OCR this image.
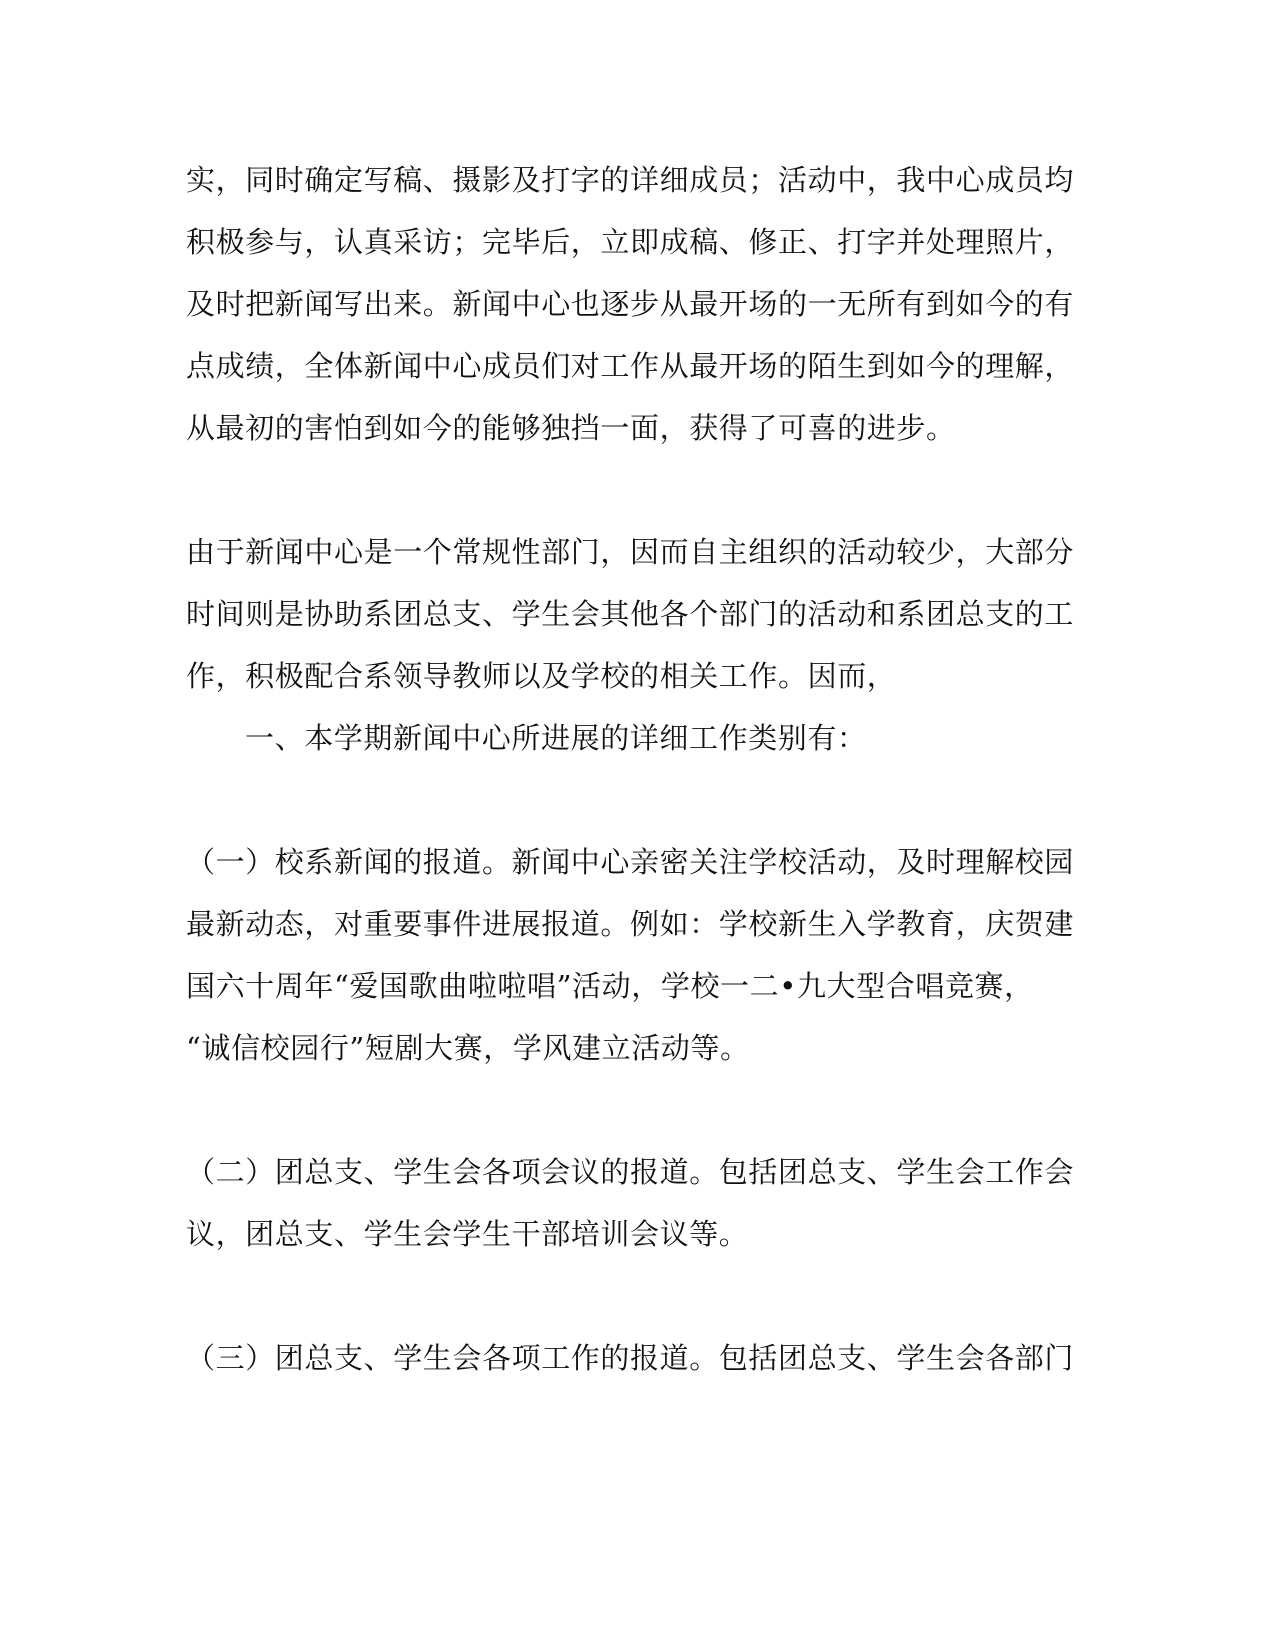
实，同时确定写稿、摄影及打字的详细成员；活动中，我中心成员均
积极参与，认真采访；完毕后，立即成稿、修正、打字并处理照片，
及时把新闻写出来。新闻中心也逐步从最开场的一无所有到如今的有
点成绩，全体新闻中心成员们对工作从最开场的陌生到如今的理解，
从最初的害怕到如今的能够独挡一面，获得了可喜的进步。
由于新闻中心是一个常规性部门，因而自主组织的活动较少，大部分
时间则是协助系团总支、学生会其他各个部门的活动和系团总支的工
作，积极配合系领导教师以及学校的相关工作。因而，
一、本学期新闻中心所进展的详细工作类别有：
（一）校系新闻的报道。新闻中心亲密关注学校活动，及时理解校园
最新动态，对重要事件进展报道。例如：学校新生入学教育，庆贺建
国六十周年“爱国歌曲啦啦唱”活动，学校一二•九大型合唱竞赛，
“诚信校园行”短剧大赛，学风建立活动等。
（二）团总支、学生会各项会议的报道。包括团总支、学生会工作会
议，团总支、学生会学生干部培训会议等。
（三）团总支、学生会各项工作的报道。包括团总支、学生会各部门
